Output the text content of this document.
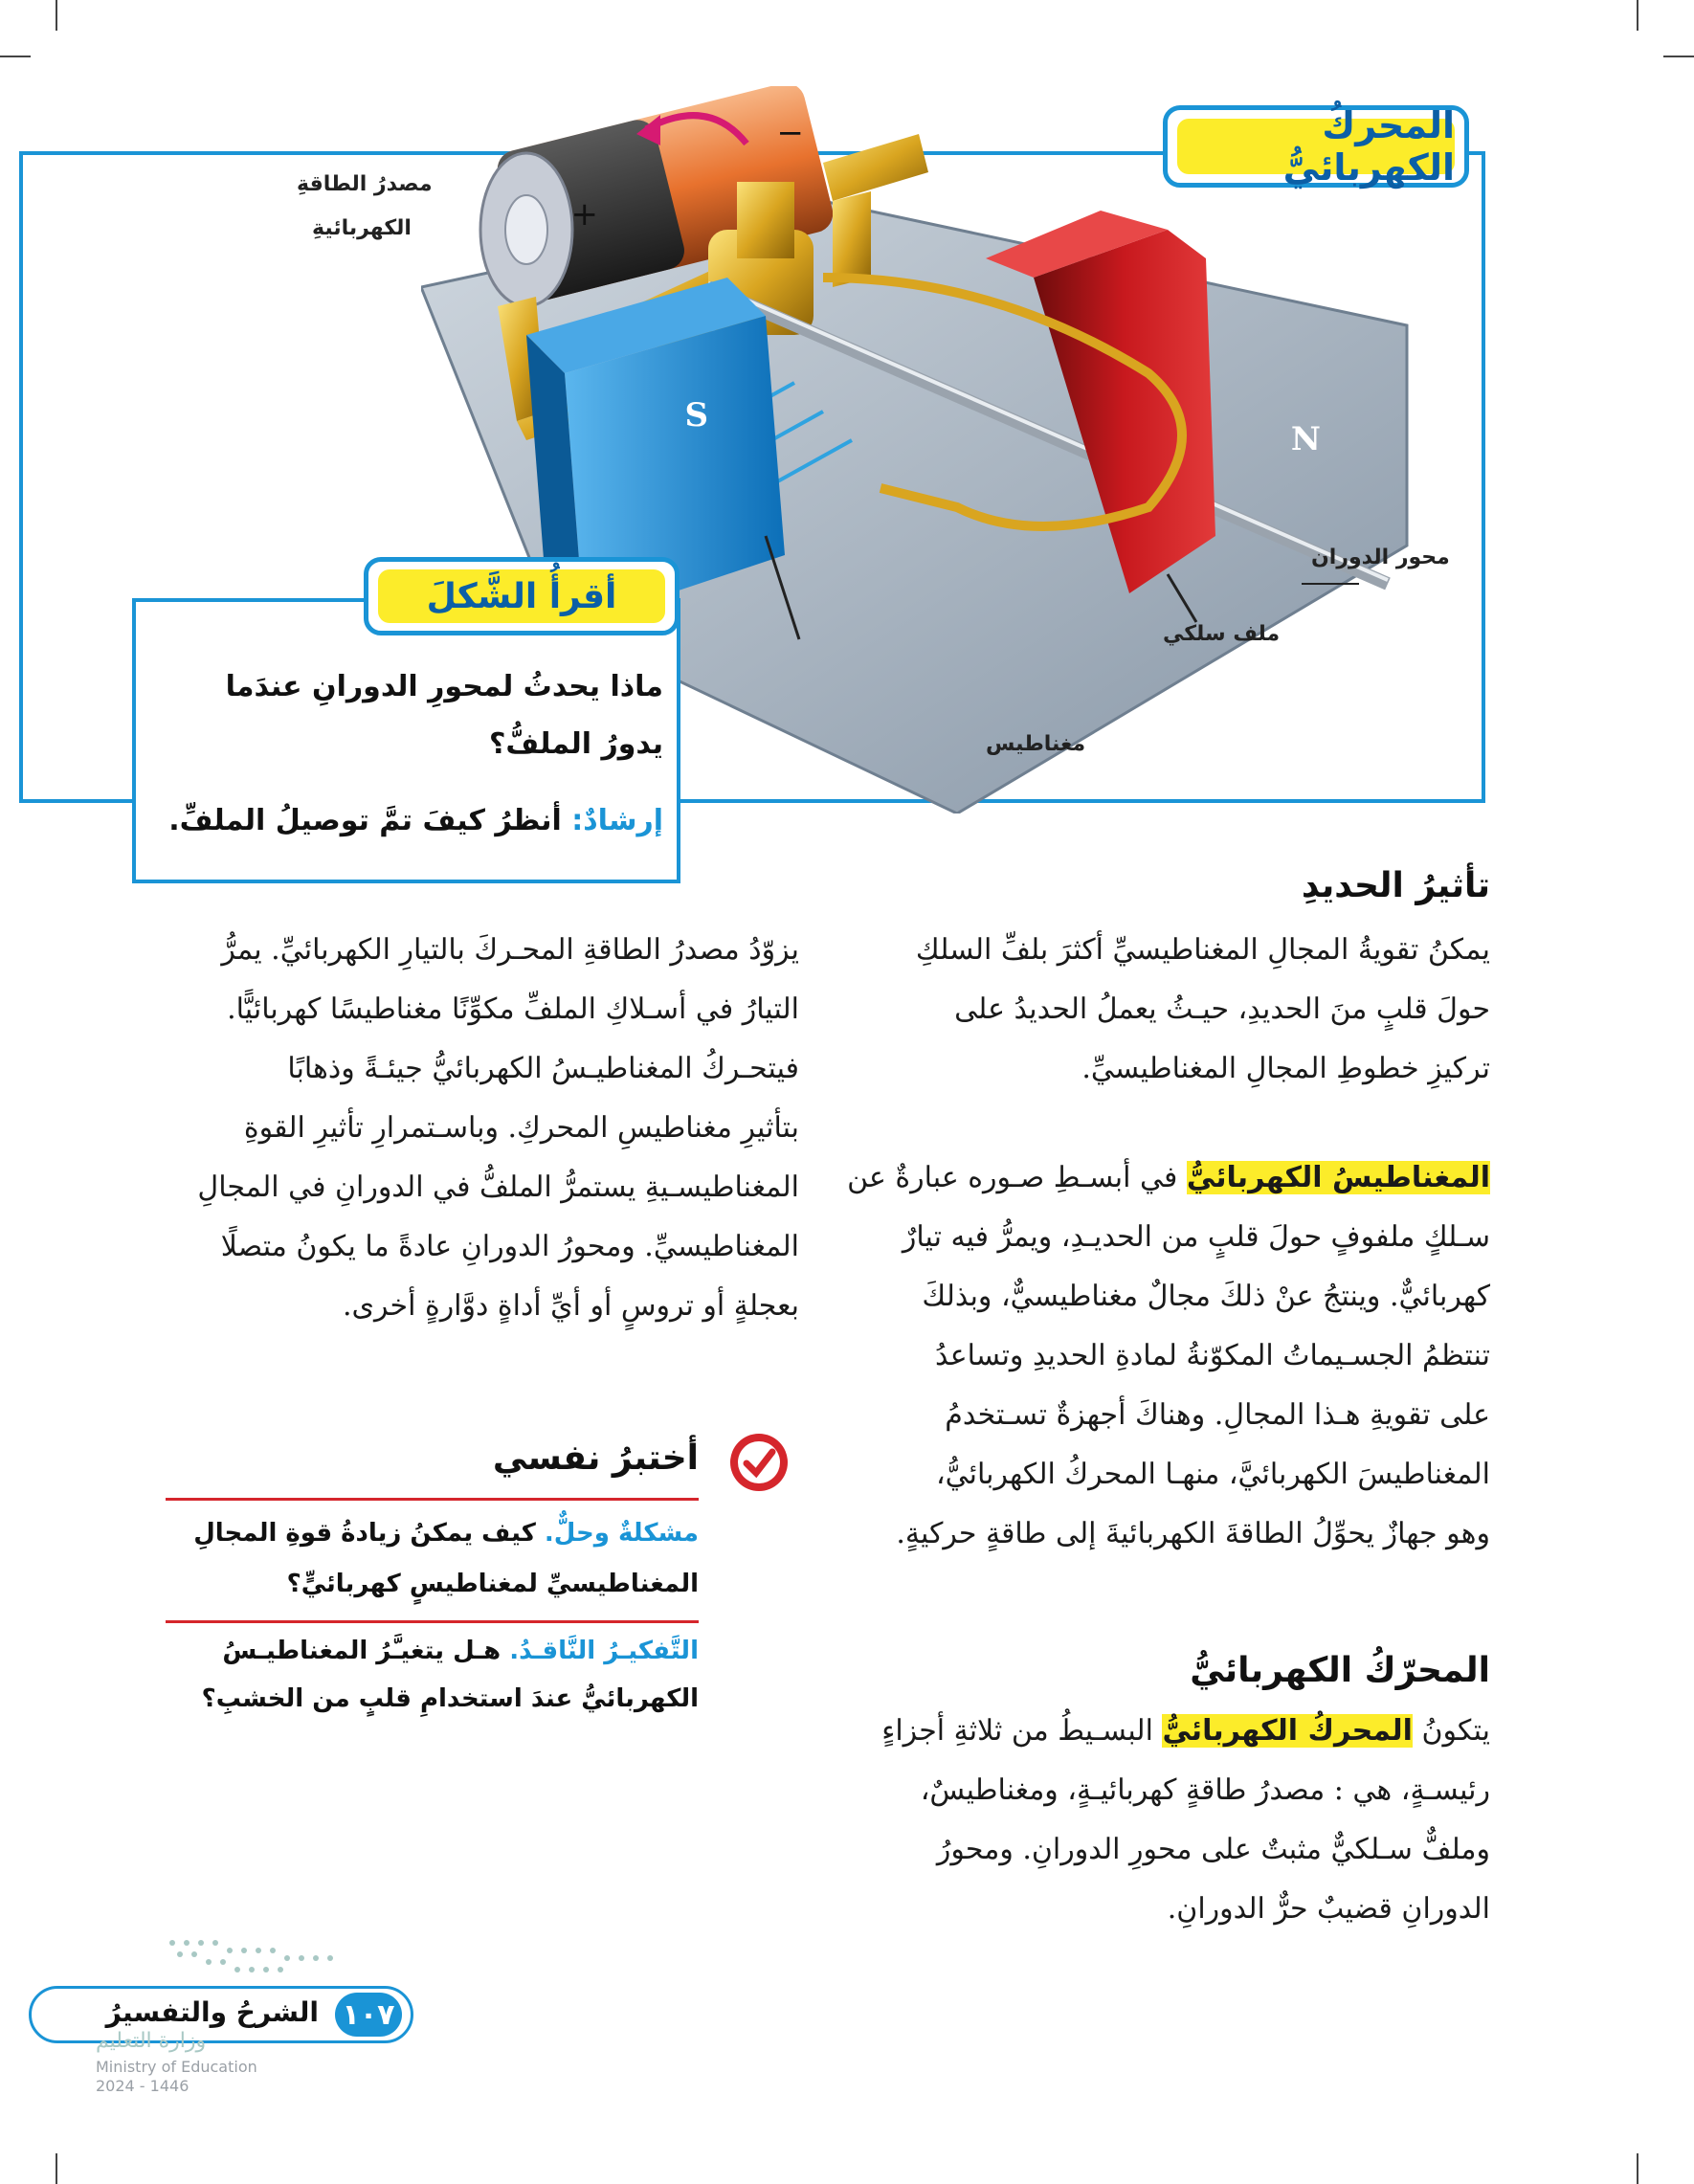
+
−
N
S
مصدرُ الطاقةِ
الكهربائيةِ
محور الدوران
ملف سلكي
مغناطيس
المحركُ الكهربائيُّ
أقرأُ الشَّكلَ
ماذا يحدثُ لمحورِ الدورانِ عندَما
يدورُ الملفُّ؟
إرشادٌ: أنظرُ كيفَ تمَّ توصيلُ الملفِّ.
تأثيرُ الحديدِ
يمكنُ تقويةُ المجالِ المغناطيسيِّ أكثرَ بلفِّ السلكِ
حولَ قلبٍ منَ الحديدِ، حيـثُ يعملُ الحديدُ على
تركيزِ خطوطِ المجالِ المغناطيسيِّ.
المغناطيسُ الكهربائيُّ في أبسـطِ صـوره عبارةٌ عن
سـلكٍ ملفوفٍ حولَ قلبٍ من الحديـدِ، ويمرُّ فيه تيارٌ
كهربائيٌّ. وينتجُ عنْ ذلكَ مجالٌ مغناطيسيٌّ، وبذلكَ
تنتظمُ الجسـيماتُ المكوّنةُ لمادةِ الحديدِ وتساعدُ
على تقويةِ هـذا المجالِ. وهناكَ أجهزةٌ تسـتخدمُ
المغناطيسَ الكهربائيَّ، منهـا المحركُ الكهربائيُّ،
وهو جهازٌ يحوِّلُ الطاقةَ الكهربائيةَ إلى طاقةٍ حركيةٍ.
المحرّكُ الكهربائيُّ
يتكونُ المحركُ الكهربائيُّ البسـيطُ من ثلاثةِ أجزاءٍ
رئيسـةٍ، هي : مصدرُ طاقةٍ كهربائيـةٍ، ومغناطيسٌ،
وملفٌّ سـلكيٌّ مثبتٌ على محورِ الدورانِ. ومحورُ
الدورانِ قضيبٌ حرٌّ الدورانِ.
يزوّدُ مصدرُ الطاقةِ المحـركَ بالتيارِ الكهربائيِّ. يمرُّ
التيارُ في أسـلاكِ الملفِّ مكوِّنًا مغناطيسًا كهربائيًّا.
فيتحـركُ المغناطيـسُ الكهربائيُّ جيئـةً وذهابًا
بتأثيرِ مغناطيسِ المحركِ. وباسـتمرارِ تأثيرِ القوةِ
المغناطيسـيةِ يستمرُّ الملفُّ في الدورانِ في المجالِ
المغناطيسيِّ. ومحورُ الدورانِ عادةً ما يكونُ متصلًا
بعجلةٍ أو تروسٍ أو أيِّ أداةٍ دوَّارةٍ أخرى.
أختبرُ نفسي
مشكلةٌ وحلٌّ. كيف يمكنُ زيادةُ قوةِ المجالِ
المغناطيسيِّ لمغناطيسٍ كهربائيٍّ؟
التَّفكيـرُ النَّاقـدُ. هـل يتغيـَّرُ المغناطيـسُ
الكهربائيُّ عندَ استخدامِ قلبٍ من الخشبِ؟
١٠٧
الشرحُ والتفسيرُ
وزارة التعليم
Ministry of Education
2024 - 1446
